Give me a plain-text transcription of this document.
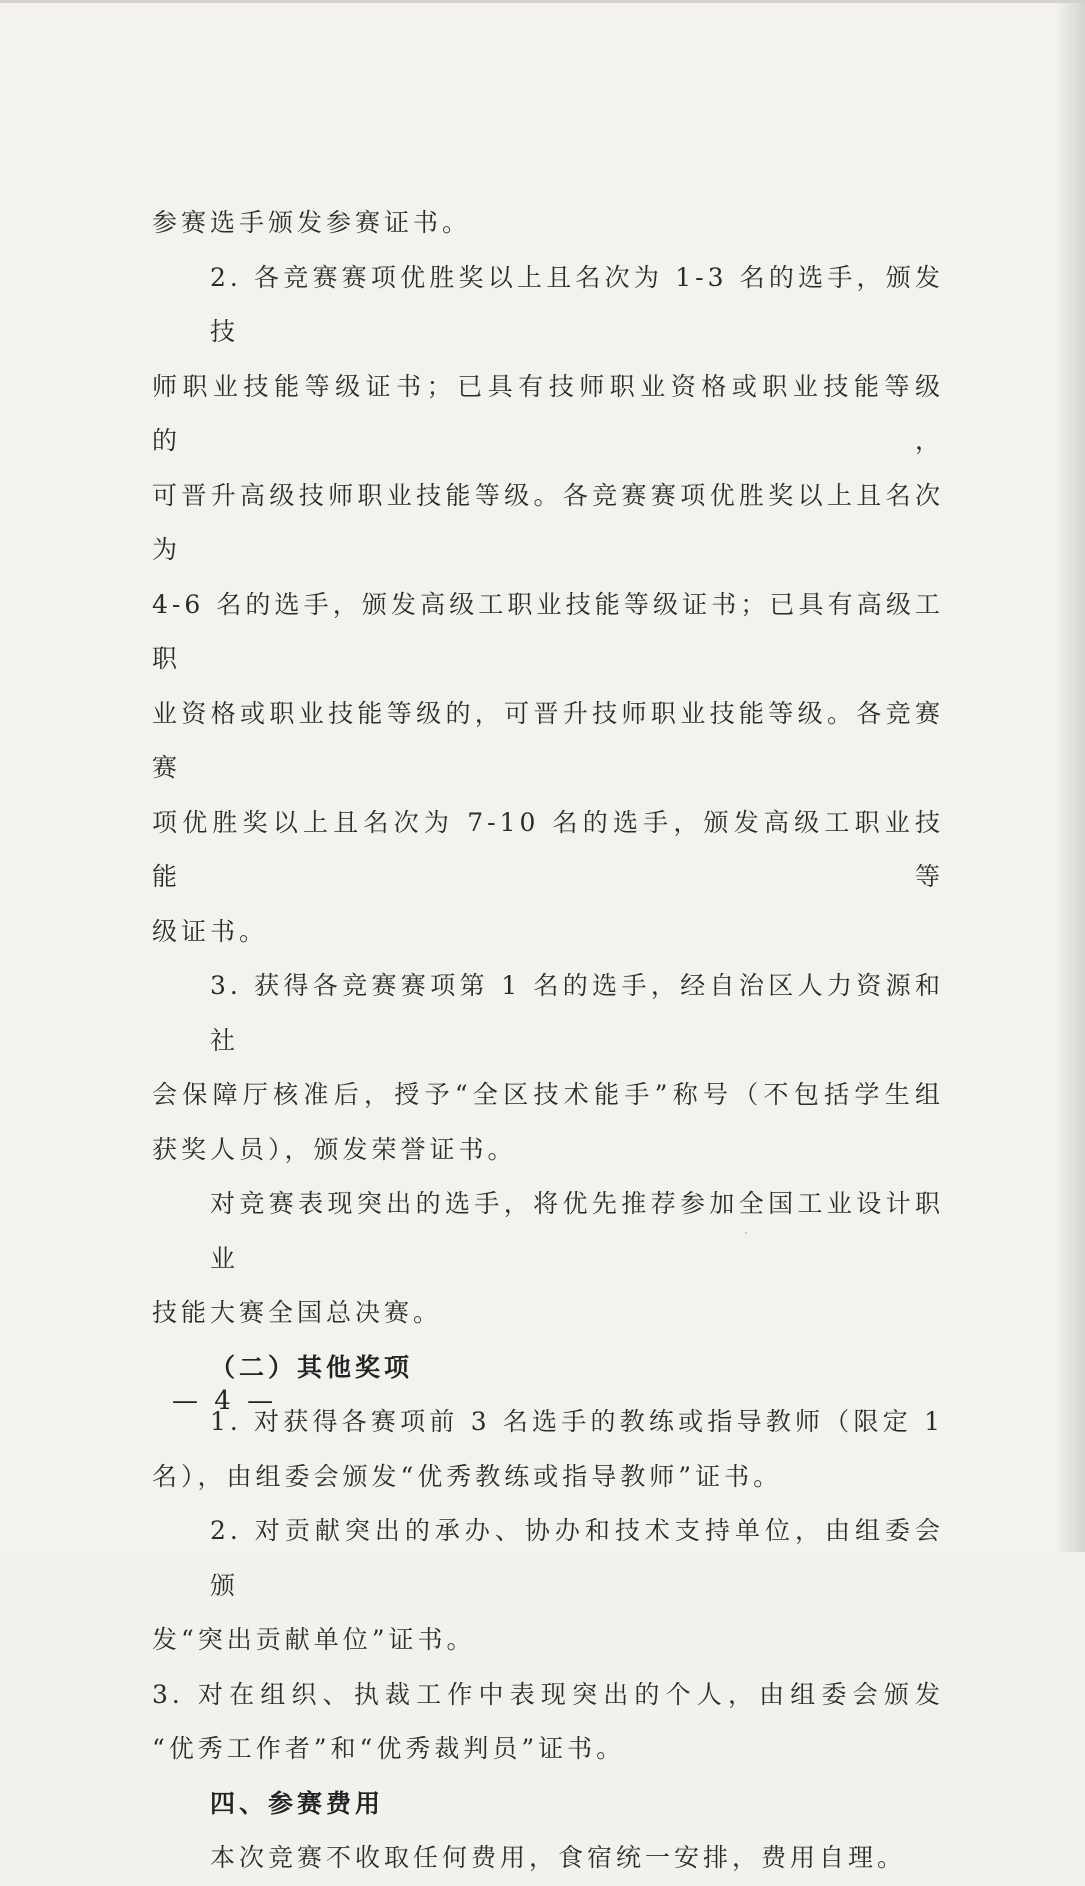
参赛选手颁发参赛证书。
2. 各竞赛赛项优胜奖以上且名次为 1-3 名的选手，颁发技
师职业技能等级证书；已具有技师职业资格或职业技能等级的，
可晋升高级技师职业技能等级。各竞赛赛项优胜奖以上且名次为
4-6 名的选手，颁发高级工职业技能等级证书；已具有高级工职
业资格或职业技能等级的，可晋升技师职业技能等级。各竞赛赛
项优胜奖以上且名次为 7-10 名的选手，颁发高级工职业技能等
级证书。
3. 获得各竞赛赛项第 1 名的选手，经自治区人力资源和社
会保障厅核准后，授予“全区技术能手”称号（不包括学生组
获奖人员），颁发荣誉证书。
对竞赛表现突出的选手，将优先推荐参加全国工业设计职业
技能大赛全国总决赛。
（二）其他奖项
1. 对获得各赛项前 3 名选手的教练或指导教师（限定 1
名），由组委会颁发“优秀教练或指导教师”证书。
2. 对贡献突出的承办、协办和技术支持单位，由组委会颁
发“突出贡献单位”证书。
3. 对在组织、执裁工作中表现突出的个人，由组委会颁发
“优秀工作者”和“优秀裁判员”证书。
四、参赛费用
本次竞赛不收取任何费用，食宿统一安排，费用自理。
— 4 —
